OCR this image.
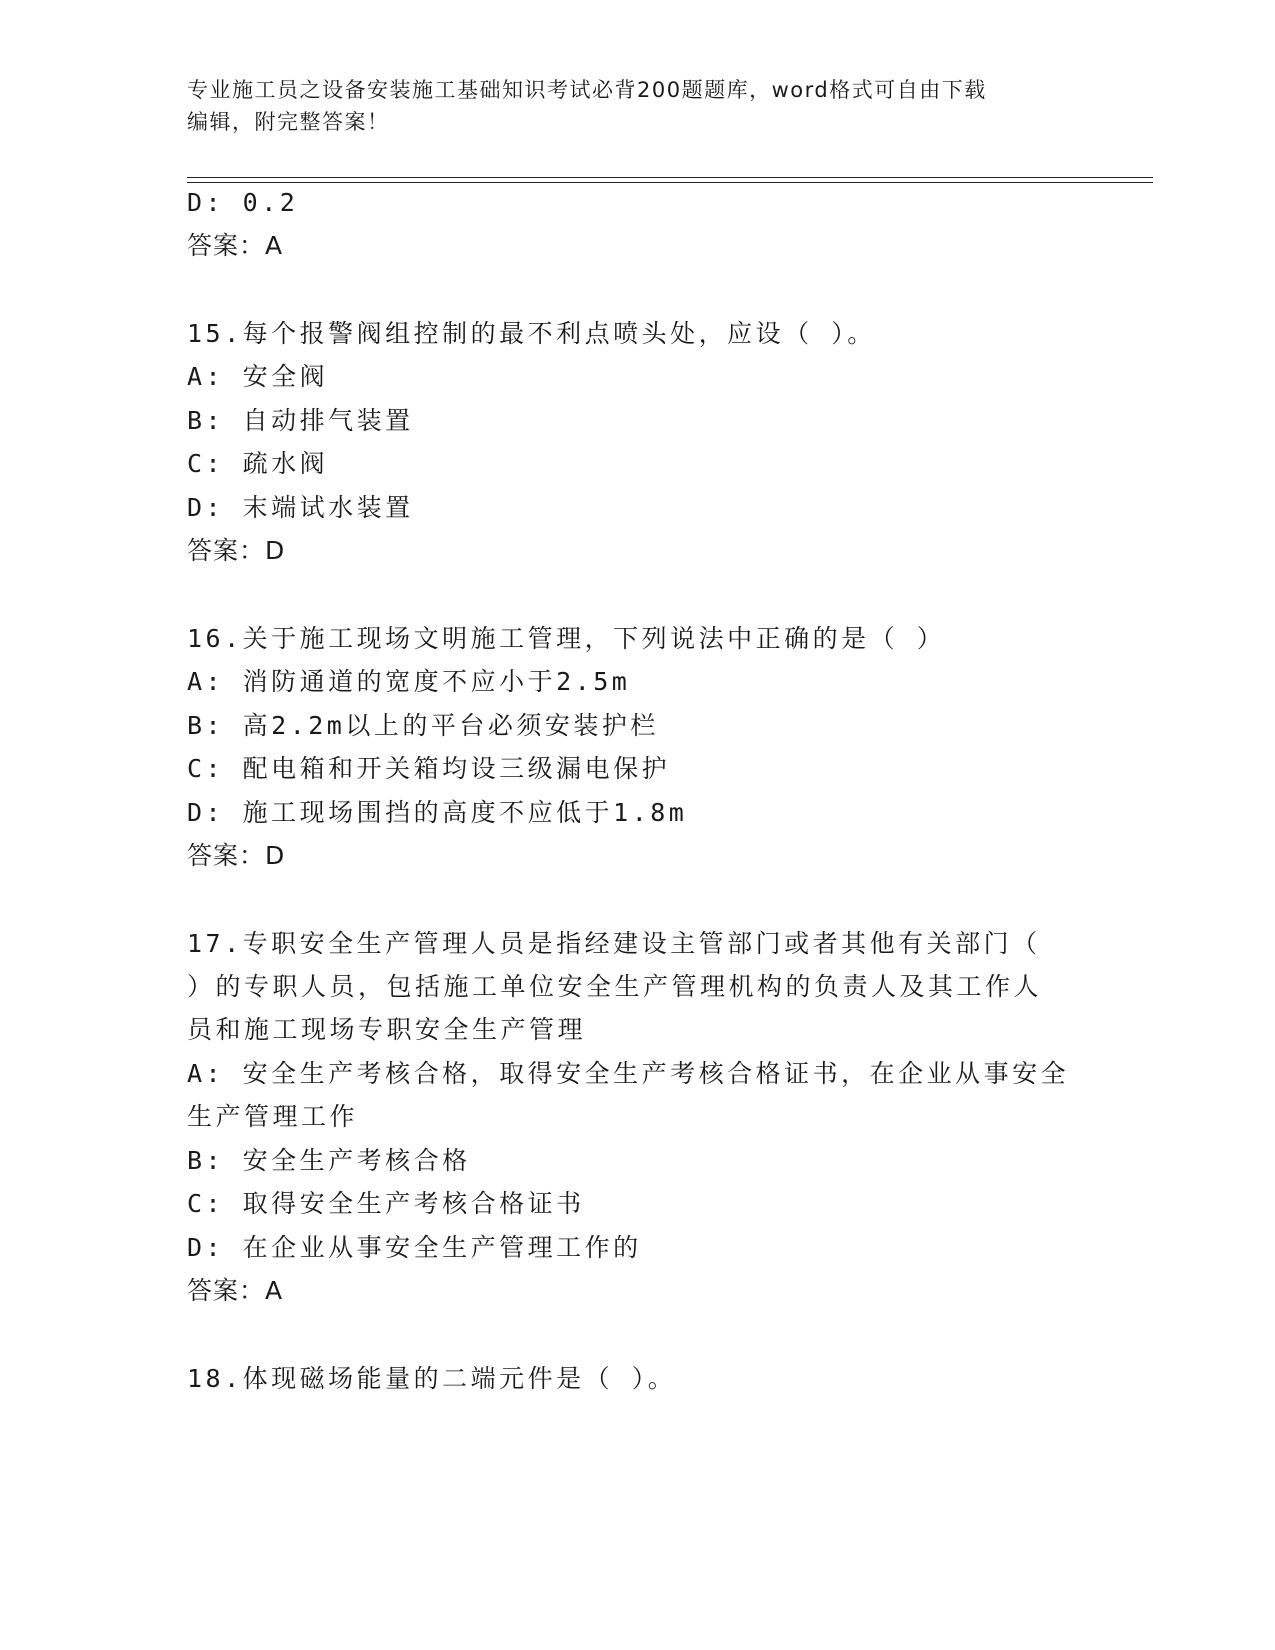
专业施工员之设备安装施工基础知识考试必背200题题库，word格式可自由下载
编辑，附完整答案！
D: 0.2
答案：A
15.每个报警阀组控制的最不利点喷头处，应设（ ）。
A: 安全阀
B: 自动排气装置
C: 疏水阀
D: 末端试水装置
答案：D
16.关于施工现场文明施工管理，下列说法中正确的是（ ）
A: 消防通道的宽度不应小于2.5m
B: 高2.2m以上的平台必须安装护栏
C: 配电箱和开关箱均设三级漏电保护
D: 施工现场围挡的高度不应低于1.8m
答案：D
17.专职安全生产管理人员是指经建设主管部门或者其他有关部门（
）的专职人员，包括施工单位安全生产管理机构的负责人及其工作人
员和施工现场专职安全生产管理
A: 安全生产考核合格，取得安全生产考核合格证书，在企业从事安全
生产管理工作
B: 安全生产考核合格
C: 取得安全生产考核合格证书
D: 在企业从事安全生产管理工作的
答案：A
18.体现磁场能量的二端元件是（ ）。
